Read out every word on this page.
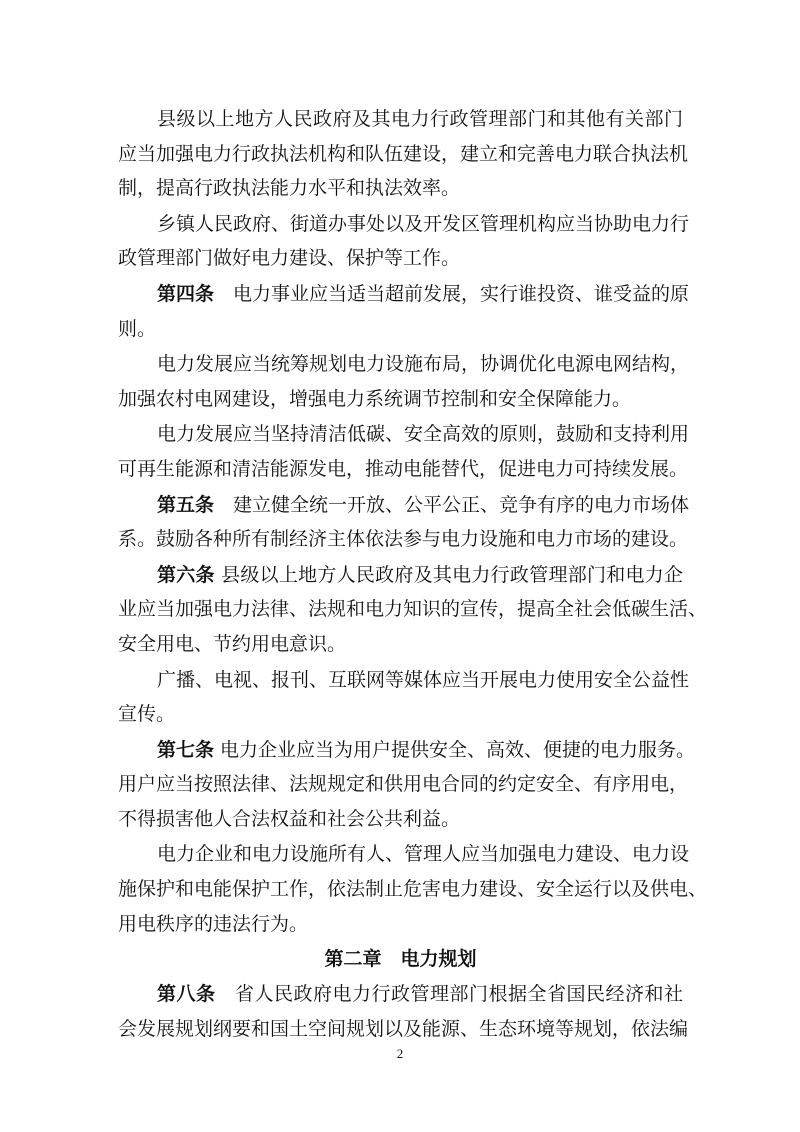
县级以上地方人民政府及其电力行政管理部门和其他有关部门
应当加强电力行政执法机构和队伍建设，建立和完善电力联合执法机
制，提高行政执法能力水平和执法效率。
乡镇人民政府、街道办事处以及开发区管理机构应当协助电力行
政管理部门做好电力建设、保护等工作。
第四条　电力事业应当适当超前发展，实行谁投资、谁受益的原
则。
电力发展应当统筹规划电力设施布局，协调优化电源电网结构，
加强农村电网建设，增强电力系统调节控制和安全保障能力。
电力发展应当坚持清洁低碳、安全高效的原则，鼓励和支持利用
可再生能源和清洁能源发电，推动电能替代，促进电力可持续发展。
第五条　建立健全统一开放、公平公正、竞争有序的电力市场体
系。鼓励各种所有制经济主体依法参与电力设施和电力市场的建设。
第六条 县级以上地方人民政府及其电力行政管理部门和电力企
业应当加强电力法律、法规和电力知识的宣传，提高全社会低碳生活、
安全用电、节约用电意识。
广播、电视、报刊、互联网等媒体应当开展电力使用安全公益性
宣传。
第七条 电力企业应当为用户提供安全、高效、便捷的电力服务。
用户应当按照法律、法规规定和供用电合同的约定安全、有序用电，
不得损害他人合法权益和社会公共利益。
电力企业和电力设施所有人、管理人应当加强电力建设、电力设
施保护和电能保护工作，依法制止危害电力建设、安全运行以及供电、
用电秩序的违法行为。
第二章　电力规划
第八条　省人民政府电力行政管理部门根据全省国民经济和社
会发展规划纲要和国土空间规划以及能源、生态环境等规划，依法编
2
